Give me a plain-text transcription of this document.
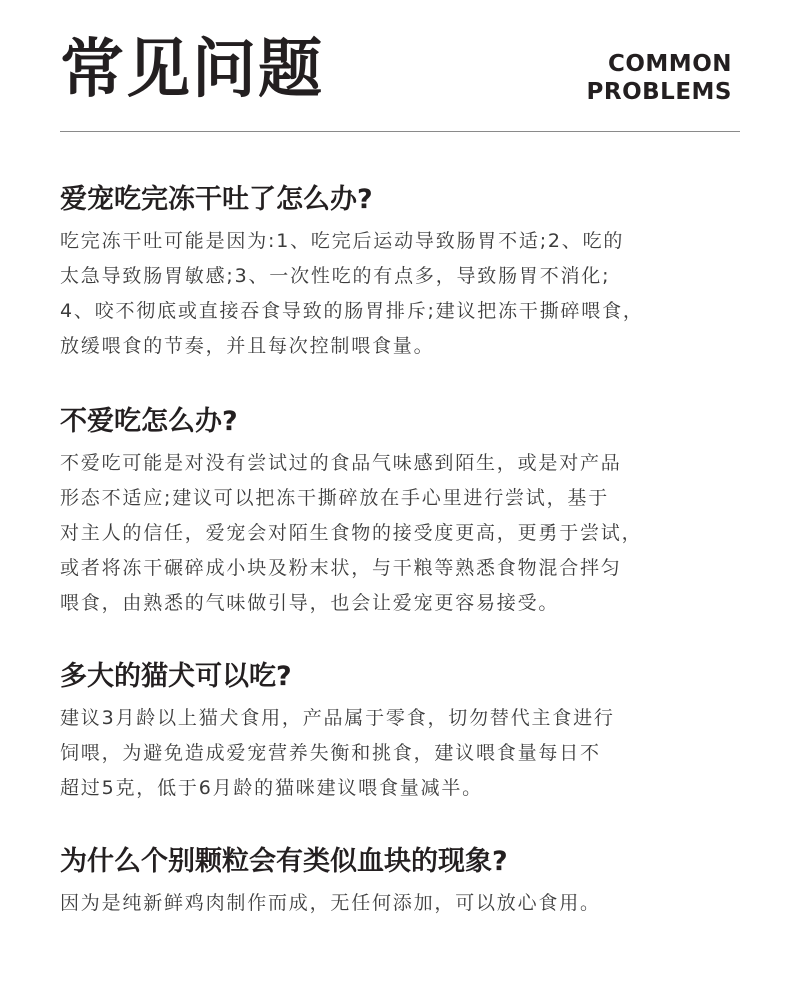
常见问题	COMMON
PROBLEMS
爱宠吃完冻干吐了怎么办?
吃完冻干吐可能是因为:1、吃完后运动导致肠胃不适;2、吃的
太急导致肠胃敏感;3、一次性吃的有点多，导致肠胃不消化;
4、咬不彻底或直接吞食导致的肠胃排斥;建议把冻干撕碎喂食，
放缓喂食的节奏，并且每次控制喂食量。
不爱吃怎么办?
不爱吃可能是对没有尝试过的食品气味感到陌生，或是对产品
形态不适应;建议可以把冻干撕碎放在手心里进行尝试，基于
对主人的信任，爱宠会对陌生食物的接受度更高，更勇于尝试，
或者将冻干碾碎成小块及粉末状，与干粮等熟悉食物混合拌匀
喂食，由熟悉的气味做引导，也会让爱宠更容易接受。
多大的猫犬可以吃?
建议3月龄以上猫犬食用，产品属于零食，切勿替代主食进行
饲喂，为避免造成爱宠营养失衡和挑食，建议喂食量每日不
超过5克，低于6月龄的猫咪建议喂食量减半。
为什么个别颗粒会有类似血块的现象?
因为是纯新鲜鸡肉制作而成，无任何添加，可以放心食用。
